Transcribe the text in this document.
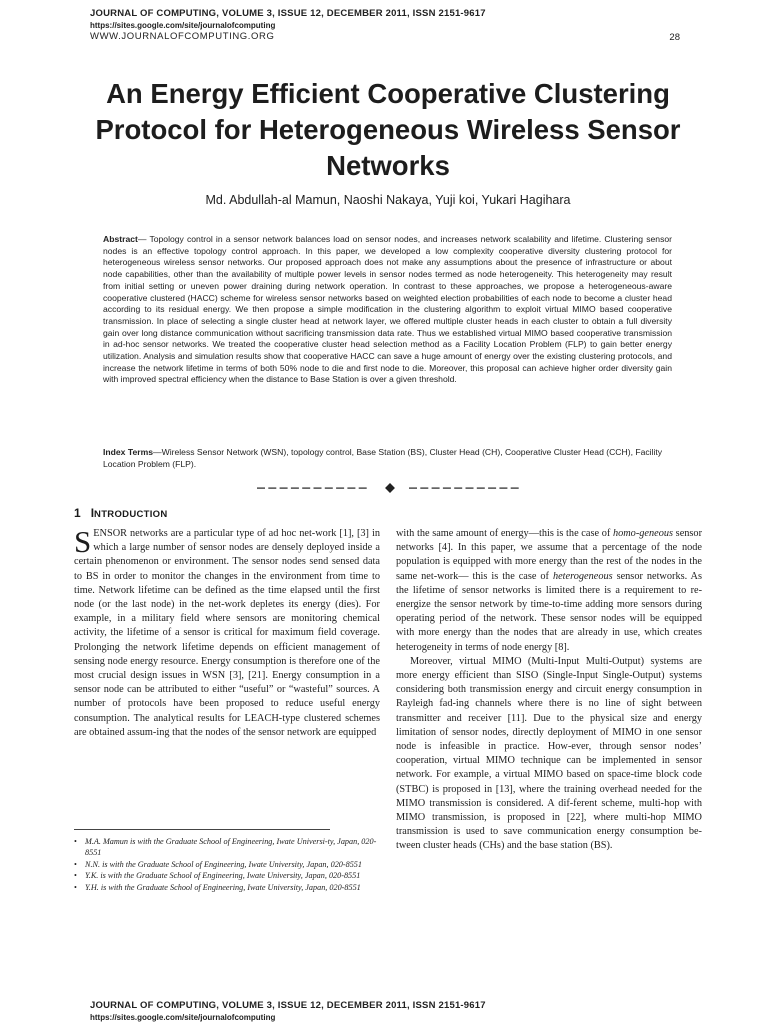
JOURNAL OF COMPUTING, VOLUME 3, ISSUE 12, DECEMBER 2011, ISSN 2151-9617
https://sites.google.com/site/journalofcomputing
WWW.JOURNALOFCOMPUTING.ORG	28
An Energy Efficient Cooperative Clustering Protocol for Heterogeneous Wireless Sensor Networks
Md. Abdullah-al Mamun, Naoshi Nakaya, Yuji koi, Yukari Hagihara
Abstract— Topology control in a sensor network balances load on sensor nodes, and increases network scalability and lifetime. Clustering sensor nodes is an effective topology control approach. In this paper, we developed a low complexity cooperative diversity clustering protocol for heterogeneous wireless sensor networks. Our proposed approach does not make any assumptions about the presence of infrastructure or about node capabilities, other than the availability of multiple power levels in sensor nodes termed as node heterogeneity. This heterogeneity may result from initial setting or uneven power draining during network operation. In contrast to these approaches, we propose a heterogeneous-aware cooperative clustered (HACC) scheme for wireless sensor networks based on weighted election probabilities of each node to become a cluster head according to its residual energy. We then propose a simple modification in the clustering algorithm to exploit virtual MIMO based cooperative transmission. In place of selecting a single cluster head at network layer, we offered multiple cluster heads in each cluster to obtain a full diversity gain over long distance communication without sacrificing transmission data rate. Thus we established virtual MIMO based cooperative transmission in ad-hoc sensor networks. We treated the cooperative cluster head selection method as a Facility Location Problem (FLP) to gain better energy utilization. Analysis and simulation results show that cooperative HACC can save a huge amount of energy over the existing clustering protocols, and increase the network lifetime in terms of both 50% node to die and first node to die. Moreover, this proposal can achieve higher order diversity gain with improved spectral efficiency when the distance to Base Station is over a given threshold.
Index Terms—Wireless Sensor Network (WSN), topology control, Base Station (BS), Cluster Head (CH), Cooperative Cluster Head (CCH), Facility Location Problem (FLP).
1 INTRODUCTION

SENSOR networks are a particular type of ad hoc net-work [1], [3] in which a large number of sensor nodes are densely deployed inside a certain phenomenon or environment. The sensor nodes send sensed data to BS in order to monitor the changes in the environment from time to time. Network lifetime can be defined as the time elapsed until the first node (or the last node) in the net-work depletes its energy (dies). For example, in a military field where sensors are monitoring chemical activity, the lifetime of a sensor is critical for maximum field coverage. Prolonging the network lifetime depends on efficient management of sensing node energy resource. Energy consumption is therefore one of the most crucial design issues in WSN [3], [21]. Energy consumption in a sensor node can be attributed to either “useful” or “wasteful” sources. A number of protocols have been proposed to reduce useful energy consumption. The analytical results for LEACH-type clustered schemes are obtained assum-ing that the nodes of the sensor network are equipped

with the same amount of energy—this is the case of homo-geneous sensor networks [4]. In this paper, we assume that a percentage of the node population is equipped with more energy than the rest of the nodes in the same net-work— this is the case of heterogeneous sensor networks. As the lifetime of sensor networks is limited there is a requirement to re-energize the sensor network by time-to-time adding more sensors during operating period of the network. These sensor nodes will be equipped with more energy than the nodes that are already in use, which creates heterogeneity in terms of node energy [8].

Moreover, virtual MIMO (Multi-Input Multi-Output) systems are more energy efficient than SISO (Single-Input Single-Output) systems considering both transmission energy and circuit energy consumption in Rayleigh fad-ing channels where there is no line of sight between transmitter and receiver [11]. Due to the physical size and energy limitation of sensor nodes, directly deployment of MIMO in one sensor node is infeasible in practice. How-ever, through sensor nodes’ cooperation, virtual MIMO technique can be implemented in sensor network. For example, a virtual MIMO based on space-time block code (STBC) is proposed in [13], where the training overhead needed for the MIMO transmission is considered. A dif-ferent scheme, multi-hop with MIMO transmission, is proposed in [22], where multi-hop MIMO transmission is used to save communication energy consumption be-tween cluster heads (CHs) and the base station (BS).

• M.A. Mamun is with the Graduate School of Engineering, Iwate Universi-ty, Japan, 020-8551
• N.N. is with the Graduate School of Engineering, Iwate University, Japan, 020-8551
• Y.K. is with the Graduate School of Engineering, Iwate University, Japan, 020-8551
• Y.H. is with the Graduate School of Engineering, Iwate University, Japan, 020-8551
JOURNAL OF COMPUTING, VOLUME 3, ISSUE 12, DECEMBER 2011, ISSN 2151-9617
https://sites.google.com/site/journalofcomputing
